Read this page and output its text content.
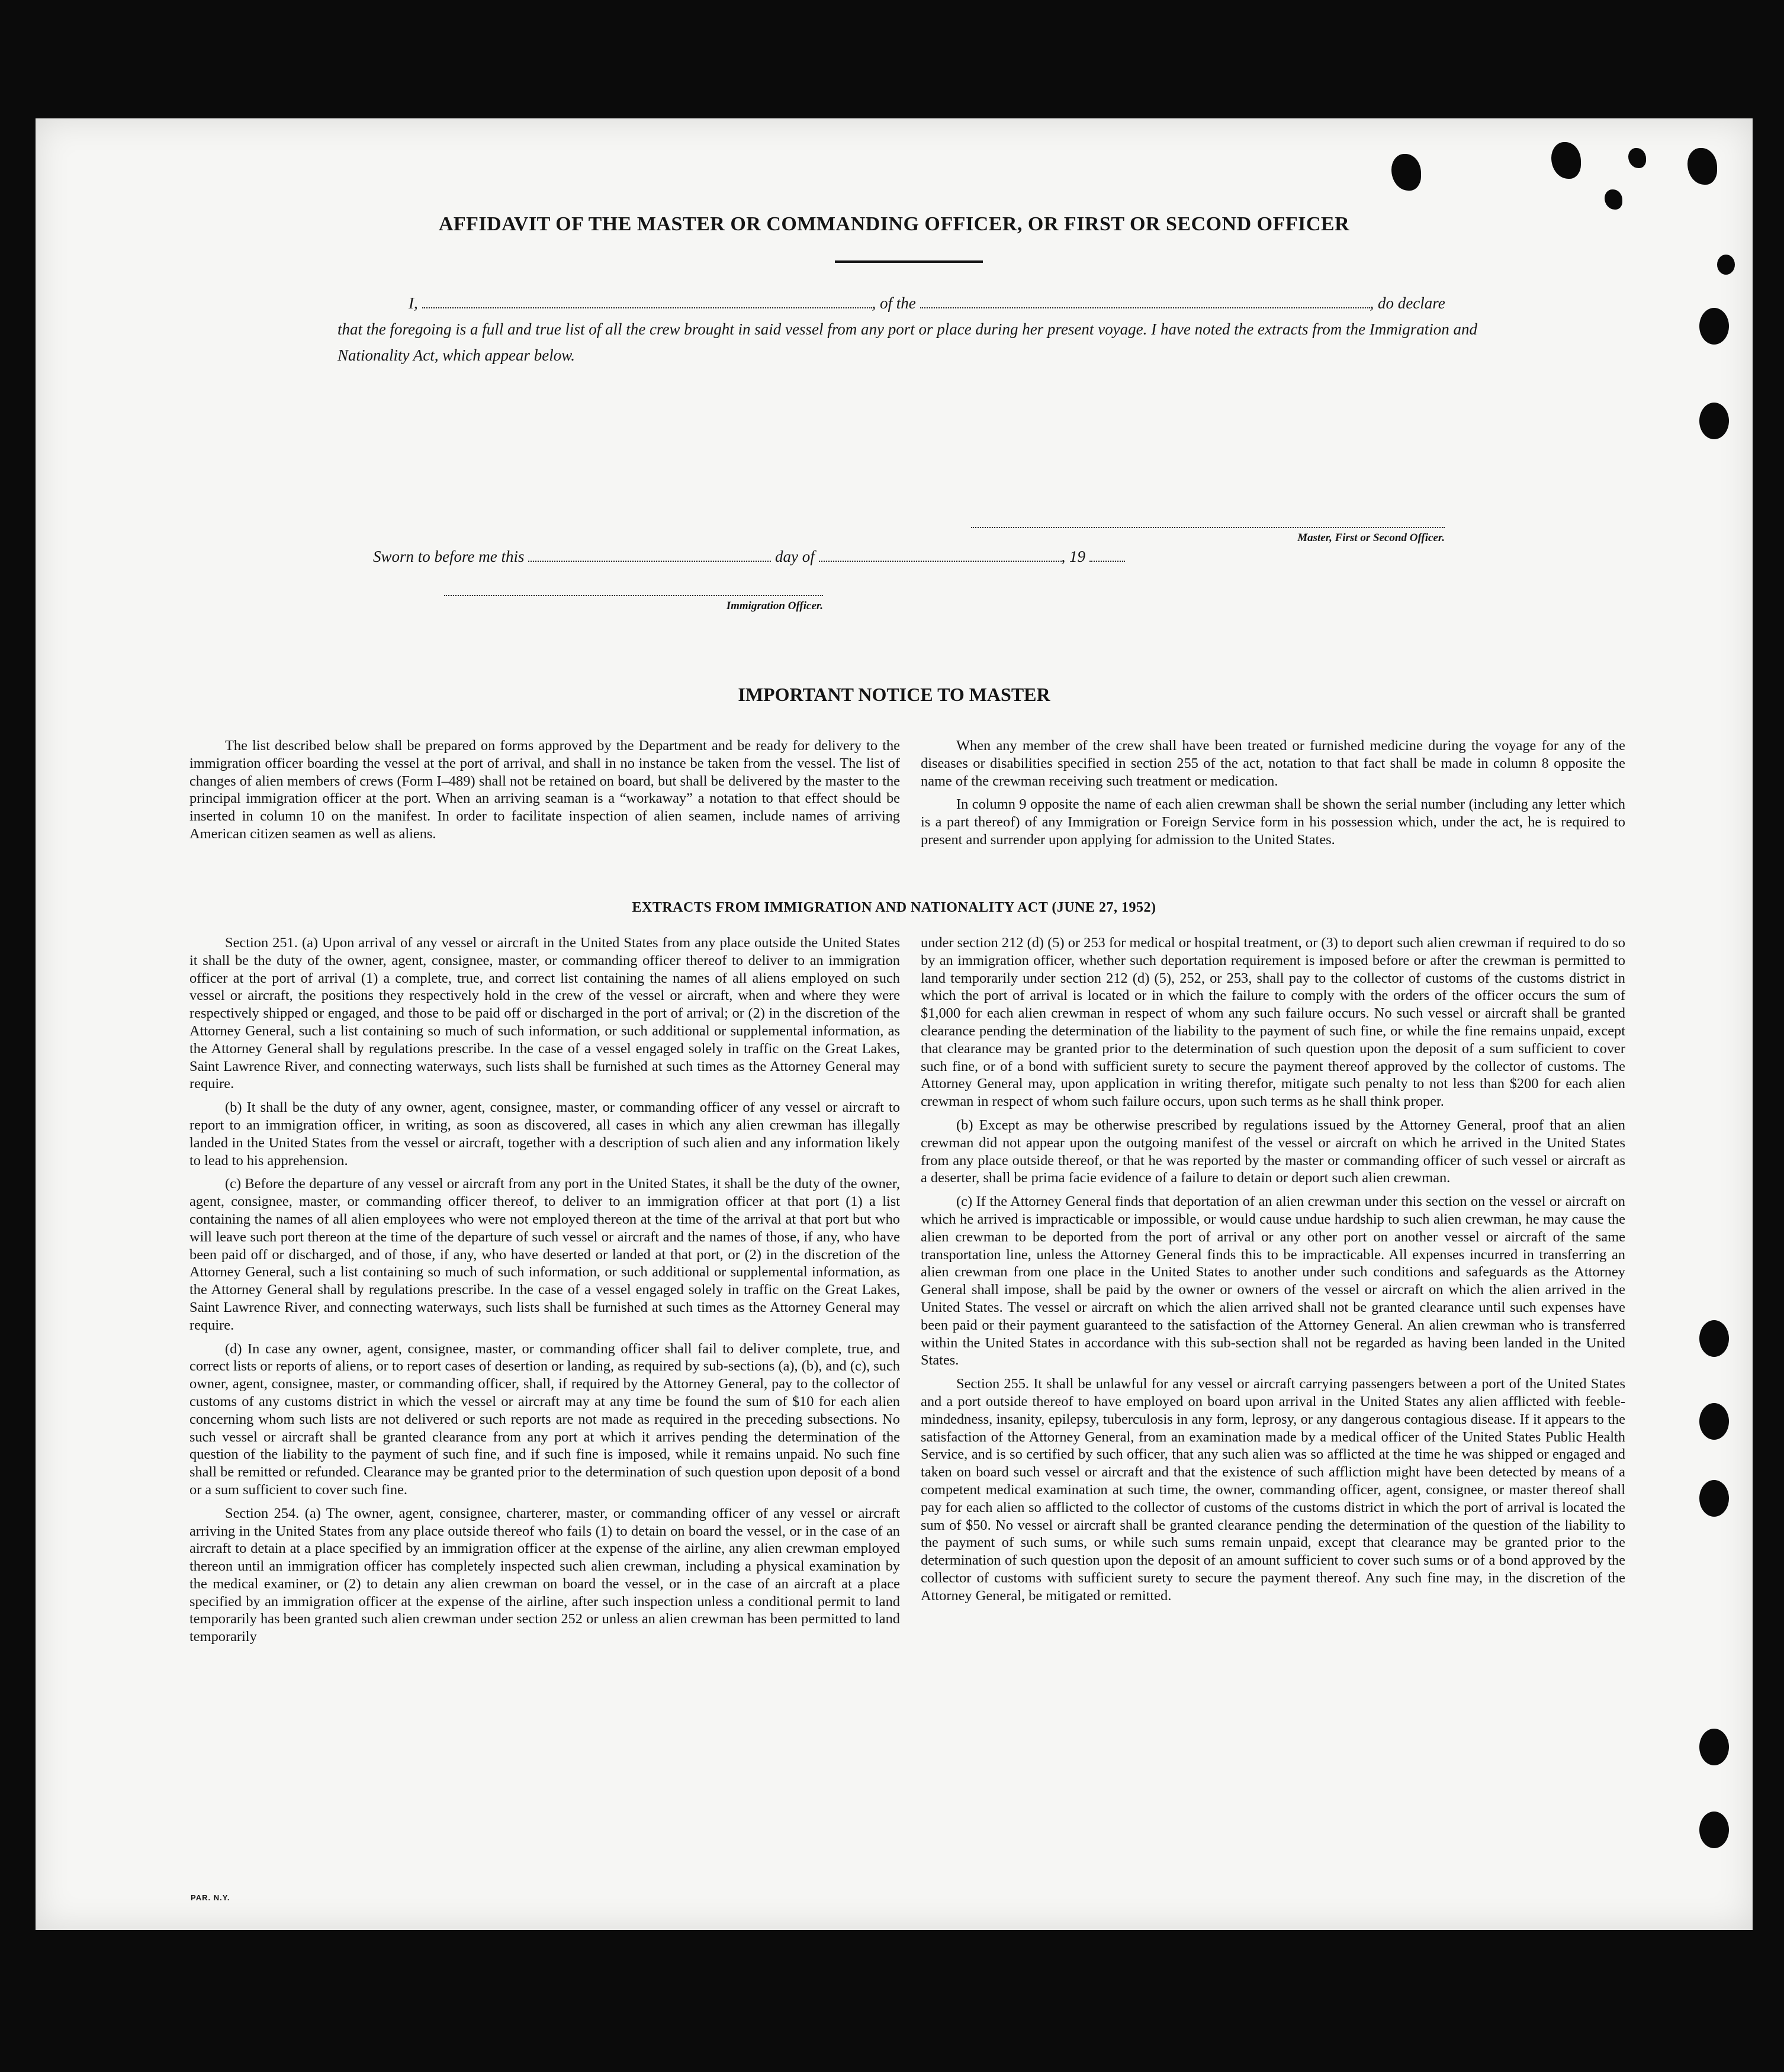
AFFIDAVIT OF THE MASTER OR COMMANDING OFFICER, OR FIRST OR SECOND OFFICER
I,	, of the	, do declare
that the foregoing is a full and true list of all the crew brought in said vessel from any port or place during her present voyage. I have noted the extracts from the Immigration and Nationality Act, which appear below.
Master, First or Second Officer.
Sworn to before me this	day of	, 19
Immigration Officer.
IMPORTANT NOTICE TO MASTER

The list described below shall be prepared on forms approved by the Department and be ready for delivery to the immigration officer boarding the vessel at the port of arrival, and shall in no instance be taken from the vessel. The list of changes of alien members of crews (Form I–489) shall not be retained on board, but shall be delivered by the master to the principal immigration officer at the port. When an arriving seaman is a “workaway” a notation to that effect should be inserted in column 10 on the manifest. In order to facilitate inspection of alien seamen, include names of arriving American citizen seamen as well as aliens.

When any member of the crew shall have been treated or furnished medicine during the voyage for any of the diseases or disabilities specified in section 255 of the act, notation to that fact shall be made in column 8 opposite the name of the crewman receiving such treatment or medication.

In column 9 opposite the name of each alien crewman shall be shown the serial number (including any letter which is a part thereof) of any Immigration or Foreign Service form in his possession which, under the act, he is required to present and surrender upon applying for admission to the United States.

EXTRACTS FROM IMMIGRATION AND NATIONALITY ACT (JUNE 27, 1952)

Section 251. (a) Upon arrival of any vessel or aircraft in the United States from any place outside the United States it shall be the duty of the owner, agent, consignee, master, or commanding officer thereof to deliver to an immigration officer at the port of arrival (1) a complete, true, and correct list containing the names of all aliens employed on such vessel or aircraft, the positions they respectively hold in the crew of the vessel or aircraft, when and where they were respectively shipped or engaged, and those to be paid off or discharged in the port of arrival; or (2) in the discretion of the Attorney General, such a list containing so much of such information, or such additional or supplemental information, as the Attorney General shall by regulations prescribe. In the case of a vessel engaged solely in traffic on the Great Lakes, Saint Lawrence River, and connecting waterways, such lists shall be furnished at such times as the Attorney General may require.

(b) It shall be the duty of any owner, agent, consignee, master, or commanding officer of any vessel or aircraft to report to an immigration officer, in writing, as soon as discovered, all cases in which any alien crewman has illegally landed in the United States from the vessel or aircraft, together with a description of such alien and any information likely to lead to his apprehension.

(c) Before the departure of any vessel or aircraft from any port in the United States, it shall be the duty of the owner, agent, consignee, master, or commanding officer thereof, to deliver to an immigration officer at that port (1) a list containing the names of all alien employees who were not employed thereon at the time of the arrival at that port but who will leave such port thereon at the time of the departure of such vessel or aircraft and the names of those, if any, who have been paid off or discharged, and of those, if any, who have deserted or landed at that port, or (2) in the discretion of the Attorney General, such a list containing so much of such information, or such additional or supplemental information, as the Attorney General shall by regulations prescribe. In the case of a vessel engaged solely in traffic on the Great Lakes, Saint Lawrence River, and connecting waterways, such lists shall be furnished at such times as the Attorney General may require.

(d) In case any owner, agent, consignee, master, or commanding officer shall fail to deliver complete, true, and correct lists or reports of aliens, or to report cases of desertion or landing, as required by sub-sections (a), (b), and (c), such owner, agent, consignee, master, or commanding officer, shall, if required by the Attorney General, pay to the collector of customs of any customs district in which the vessel or aircraft may at any time be found the sum of $10 for each alien concerning whom such lists are not delivered or such reports are not made as required in the preceding subsections. No such vessel or aircraft shall be granted clearance from any port at which it arrives pending the determination of the question of the liability to the payment of such fine, and if such fine is imposed, while it remains unpaid. No such fine shall be remitted or refunded. Clearance may be granted prior to the determination of such question upon deposit of a bond or a sum sufficient to cover such fine.

Section 254. (a) The owner, agent, consignee, charterer, master, or commanding officer of any vessel or aircraft arriving in the United States from any place outside thereof who fails (1) to detain on board the vessel, or in the case of an aircraft to detain at a place specified by an immigration officer at the expense of the airline, any alien crewman employed thereon until an immigration officer has completely inspected such alien crewman, including a physical examination by the medical examiner, or (2) to detain any alien crewman on board the vessel, or in the case of an aircraft at a place specified by an immigration officer at the expense of the airline, after such inspection unless a conditional permit to land temporarily has been granted such alien crewman under section 252 or unless an alien crewman has been permitted to land temporarily

under section 212 (d) (5) or 253 for medical or hospital treatment, or (3) to deport such alien crewman if required to do so by an immigration officer, whether such deportation requirement is imposed before or after the crewman is permitted to land temporarily under section 212 (d) (5), 252, or 253, shall pay to the collector of customs of the customs district in which the port of arrival is located or in which the failure to comply with the orders of the officer occurs the sum of $1,000 for each alien crewman in respect of whom any such failure occurs. No such vessel or aircraft shall be granted clearance pending the determination of the liability to the payment of such fine, or while the fine remains unpaid, except that clearance may be granted prior to the determination of such question upon the deposit of a sum sufficient to cover such fine, or of a bond with sufficient surety to secure the payment thereof approved by the collector of customs. The Attorney General may, upon application in writing therefor, mitigate such penalty to not less than $200 for each alien crewman in respect of whom such failure occurs, upon such terms as he shall think proper.

(b) Except as may be otherwise prescribed by regulations issued by the Attorney General, proof that an alien crewman did not appear upon the outgoing manifest of the vessel or aircraft on which he arrived in the United States from any place outside thereof, or that he was reported by the master or commanding officer of such vessel or aircraft as a deserter, shall be prima facie evidence of a failure to detain or deport such alien crewman.

(c) If the Attorney General finds that deportation of an alien crewman under this section on the vessel or aircraft on which he arrived is impracticable or impossible, or would cause undue hardship to such alien crewman, he may cause the alien crewman to be deported from the port of arrival or any other port on another vessel or aircraft of the same transportation line, unless the Attorney General finds this to be impracticable. All expenses incurred in transferring an alien crewman from one place in the United States to another under such conditions and safeguards as the Attorney General shall impose, shall be paid by the owner or owners of the vessel or aircraft on which the alien arrived in the United States. The vessel or aircraft on which the alien arrived shall not be granted clearance until such expenses have been paid or their payment guaranteed to the satisfaction of the Attorney General. An alien crewman who is transferred within the United States in accordance with this sub-section shall not be regarded as having been landed in the United States.

Section 255. It shall be unlawful for any vessel or aircraft carrying passengers between a port of the United States and a port outside thereof to have employed on board upon arrival in the United States any alien afflicted with feeble-mindedness, insanity, epilepsy, tuberculosis in any form, leprosy, or any dangerous contagious disease. If it appears to the satisfaction of the Attorney General, from an examination made by a medical officer of the United States Public Health Service, and is so certified by such officer, that any such alien was so afflicted at the time he was shipped or engaged and taken on board such vessel or aircraft and that the existence of such affliction might have been detected by means of a competent medical examination at such time, the owner, commanding officer, agent, consignee, or master thereof shall pay for each alien so afflicted to the collector of customs of the customs district in which the port of arrival is located the sum of $50. No vessel or aircraft shall be granted clearance pending the determination of the question of the liability to the payment of such sums, or while such sums remain unpaid, except that clearance may be granted prior to the determination of such question upon the deposit of an amount sufficient to cover such sums or of a bond approved by the collector of customs with sufficient surety to secure the payment thereof. Any such fine may, in the discretion of the Attorney General, be mitigated or remitted.

PAR. N.Y.
